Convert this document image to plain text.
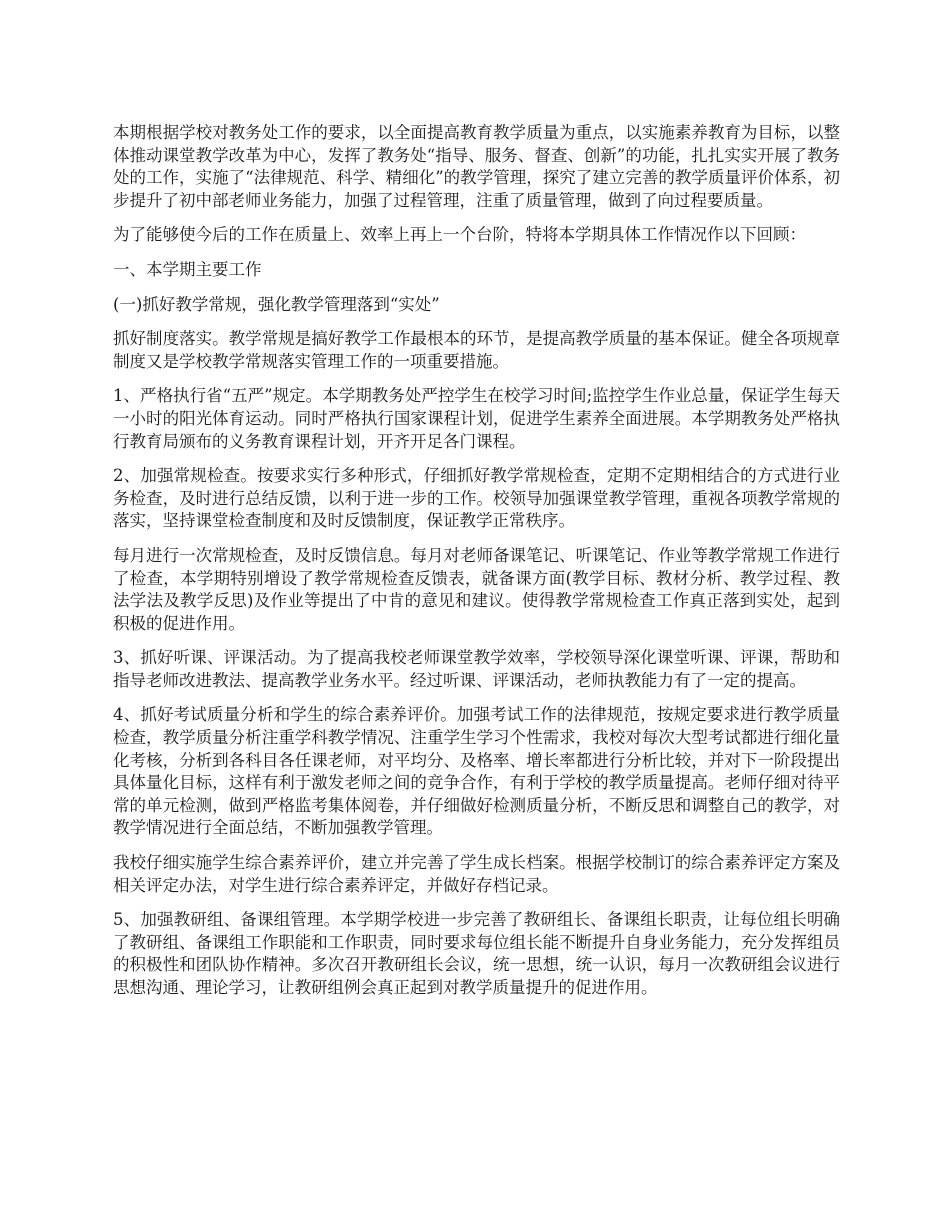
本期根据学校对教务处工作的要求，以全面提高教育教学质量为重点，以实施素养教育为目标，以整体推动课堂教学改革为中心，发挥了教务处“指导、服务、督查、创新”的功能，扎扎实实开展了教务处的工作，实施了“法律规范、科学、精细化”的教学管理，探究了建立完善的教学质量评价体系，初步提升了初中部老师业务能力，加强了过程管理，注重了质量管理，做到了向过程要质量。

为了能够使今后的工作在质量上、效率上再上一个台阶，特将本学期具体工作情况作以下回顾：

一、本学期主要工作

(一)抓好教学常规，强化教学管理落到“实处”

抓好制度落实。教学常规是搞好教学工作最根本的环节，是提高教学质量的基本保证。健全各项规章制度又是学校教学常规落实管理工作的一项重要措施。

1、严格执行省“五严”规定。本学期教务处严控学生在校学习时间;监控学生作业总量，保证学生每天一小时的阳光体育运动。同时严格执行国家课程计划，促进学生素养全面进展。本学期教务处严格执行教育局颁布的义务教育课程计划，开齐开足各门课程。

2、加强常规检查。按要求实行多种形式，仔细抓好教学常规检查，定期不定期相结合的方式进行业务检查，及时进行总结反馈，以利于进一步的工作。校领导加强课堂教学管理，重视各项教学常规的落实，坚持课堂检查制度和及时反馈制度，保证教学正常秩序。

每月进行一次常规检查，及时反馈信息。每月对老师备课笔记、听课笔记、作业等教学常规工作进行了检查，本学期特别增设了教学常规检查反馈表，就备课方面(教学目标、教材分析、教学过程、教法学法及教学反思)及作业等提出了中肯的意见和建议。使得教学常规检查工作真正落到实处，起到积极的促进作用。

3、抓好听课、评课活动。为了提高我校老师课堂教学效率，学校领导深化课堂听课、评课，帮助和指导老师改进教法、提高教学业务水平。经过听课、评课活动，老师执教能力有了一定的提高。

4、抓好考试质量分析和学生的综合素养评价。加强考试工作的法律规范，按规定要求进行教学质量检查，教学质量分析注重学科教学情况、注重学生学习个性需求，我校对每次大型考试都进行细化量化考核，分析到各科目各任课老师，对平均分、及格率、增长率都进行分析比较，并对下一阶段提出具体量化目标，这样有利于激发老师之间的竞争合作，有利于学校的教学质量提高。老师仔细对待平常的单元检测，做到严格监考集体阅卷，并仔细做好检测质量分析，不断反思和调整自己的教学，对教学情况进行全面总结，不断加强教学管理。

我校仔细实施学生综合素养评价，建立并完善了学生成长档案。根据学校制订的综合素养评定方案及相关评定办法，对学生进行综合素养评定，并做好存档记录。

5、加强教研组、备课组管理。本学期学校进一步完善了教研组长、备课组长职责，让每位组长明确了教研组、备课组工作职能和工作职责，同时要求每位组长能不断提升自身业务能力，充分发挥组员的积极性和团队协作精神。多次召开教研组长会议，统一思想，统一认识，每月一次教研组会议进行思想沟通、理论学习，让教研组例会真正起到对教学质量提升的促进作用。
